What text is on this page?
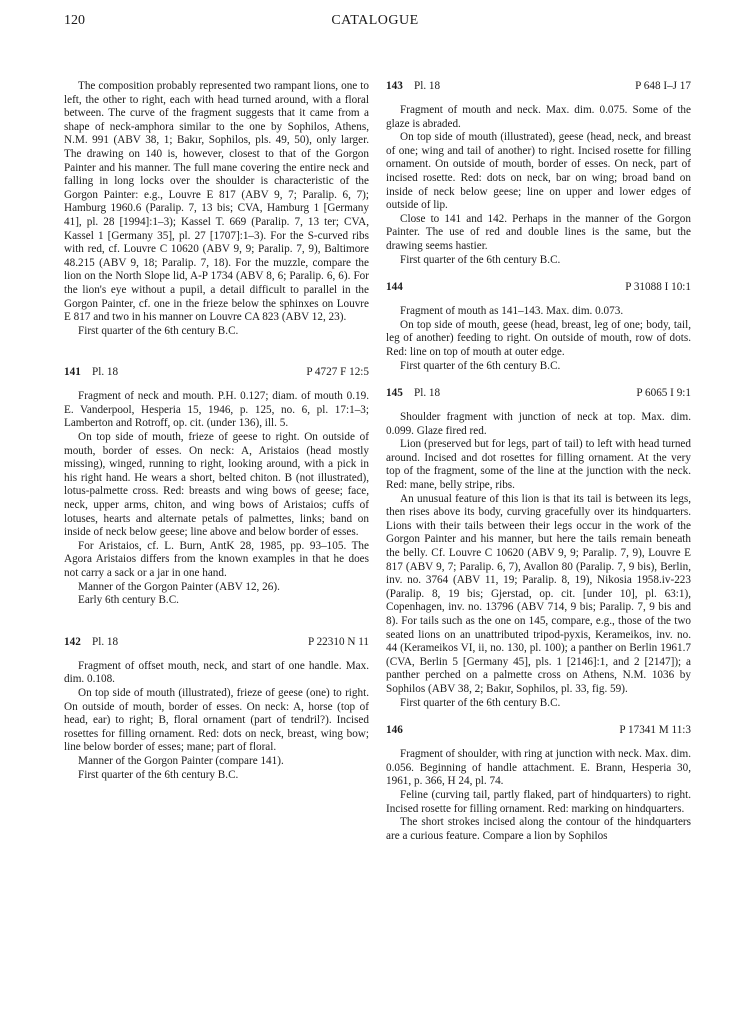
120	CATALOGUE

The composition probably represented two rampant lions, one to left, the other to right, each with head turned around, with a floral between. The curve of the fragment suggests that it came from a shape of neck-amphora similar to the one by Sophilos, Athens, N.M. 991 (ABV 38, 1; Bakır, Sophilos, pls. 49, 50), only larger. The drawing on 140 is, however, closest to that of the Gorgon Painter and his manner. The full mane covering the entire neck and falling in long locks over the shoulder is characteristic of the Gorgon Painter: e.g., Louvre E 817 (ABV 9, 7; Paralip. 6, 7); Hamburg 1960.6 (Paralip. 7, 13 bis; CVA, Hamburg 1 [Germany 41], pl. 28 [1994]:1–3); Kassel T. 669 (Paralip. 7, 13 ter; CVA, Kassel 1 [Germany 35], pl. 27 [1707]:1–3). For the S-curved ribs with red, cf. Louvre C 10620 (ABV 9, 9; Paralip. 7, 9), Baltimore 48.215 (ABV 9, 18; Paralip. 7, 18). For the muzzle, compare the lion on the North Slope lid, A-P 1734 (ABV 8, 6; Paralip. 6, 6). For the lion's eye without a pupil, a detail difficult to parallel in the Gorgon Painter, cf. one in the frieze below the sphinxes on Louvre E 817 and two in his manner on Louvre CA 823 (ABV 12, 23).

First quarter of the 6th century B.C.

141 Pl. 18	P 4727 F 12:5

Fragment of neck and mouth. P.H. 0.127; diam. of mouth 0.19. E. Vanderpool, Hesperia 15, 1946, p. 125, no. 6, pl. 17:1–3; Lamberton and Rotroff, op. cit. (under 136), ill. 5.

On top side of mouth, frieze of geese to right. On outside of mouth, border of esses. On neck: A, Aristaios (head mostly missing), winged, running to right, looking around, with a pick in his right hand. He wears a short, belted chiton. B (not illustrated), lotus-palmette cross. Red: breasts and wing bows of geese; face, neck, upper arms, chiton, and wing bows of Aristaios; cuffs of lotuses, hearts and alternate petals of palmettes, links; band on inside of neck below geese; line above and below border of esses.

For Aristaios, cf. L. Burn, AntK 28, 1985, pp. 93–105. The Agora Aristaios differs from the known examples in that he does not carry a sack or a jar in one hand.

Manner of the Gorgon Painter (ABV 12, 26).

Early 6th century B.C.

142 Pl. 18	P 22310 N 11

Fragment of offset mouth, neck, and start of one handle. Max. dim. 0.108.

On top side of mouth (illustrated), frieze of geese (one) to right. On outside of mouth, border of esses. On neck: A, horse (top of head, ear) to right; B, floral ornament (part of tendril?). Incised rosettes for filling ornament. Red: dots on neck, breast, wing bow; line below border of esses; mane; part of floral.

Manner of the Gorgon Painter (compare 141).

First quarter of the 6th century B.C.

143 Pl. 18	P 648 I–J 17

Fragment of mouth and neck. Max. dim. 0.075. Some of the glaze is abraded.

On top side of mouth (illustrated), geese (head, neck, and breast of one; wing and tail of another) to right. Incised rosette for filling ornament. On outside of mouth, border of esses. On neck, part of incised rosette. Red: dots on neck, bar on wing; broad band on inside of neck below geese; line on upper and lower edges of outside of lip.

Close to 141 and 142. Perhaps in the manner of the Gorgon Painter. The use of red and double lines is the same, but the drawing seems hastier.

First quarter of the 6th century B.C.

144	P 31088 I 10:1

Fragment of mouth as 141–143. Max. dim. 0.073.

On top side of mouth, geese (head, breast, leg of one; body, tail, leg of another) feeding to right. On outside of mouth, row of dots. Red: line on top of mouth at outer edge.

First quarter of the 6th century B.C.

145 Pl. 18	P 6065 I 9:1

Shoulder fragment with junction of neck at top. Max. dim. 0.099. Glaze fired red.

Lion (preserved but for legs, part of tail) to left with head turned around. Incised and dot rosettes for filling ornament. At the very top of the fragment, some of the line at the junction with the neck. Red: mane, belly stripe, ribs.

An unusual feature of this lion is that its tail is between its legs, then rises above its body, curving gracefully over its hindquarters. Lions with their tails between their legs occur in the work of the Gorgon Painter and his manner, but here the tails remain beneath the belly. Cf. Louvre C 10620 (ABV 9, 9; Paralip. 7, 9), Louvre E 817 (ABV 9, 7; Paralip. 6, 7), Avallon 80 (Paralip. 7, 9 bis), Berlin, inv. no. 3764 (ABV 11, 19; Paralip. 8, 19), Nikosia 1958.iv-223 (Paralip. 8, 19 bis; Gjerstad, op. cit. [under 10], pl. 63:1), Copenhagen, inv. no. 13796 (ABV 714, 9 bis; Paralip. 7, 9 bis and 8). For tails such as the one on 145, compare, e.g., those of the two seated lions on an unattributed tripod-pyxis, Kerameikos, inv. no. 44 (Kerameikos VI, ii, no. 130, pl. 100); a panther on Berlin 1961.7 (CVA, Berlin 5 [Germany 45], pls. 1 [2146]:1, and 2 [2147]); a panther perched on a palmette cross on Athens, N.M. 1036 by Sophilos (ABV 38, 2; Bakır, Sophilos, pl. 33, fig. 59).

First quarter of the 6th century B.C.

146	P 17341 M 11:3

Fragment of shoulder, with ring at junction with neck. Max. dim. 0.056. Beginning of handle attachment. E. Brann, Hesperia 30, 1961, p. 366, H 24, pl. 74.

Feline (curving tail, partly flaked, part of hindquarters) to right. Incised rosette for filling ornament. Red: marking on hindquarters.

The short strokes incised along the contour of the hindquarters are a curious feature. Compare a lion by Sophilos
